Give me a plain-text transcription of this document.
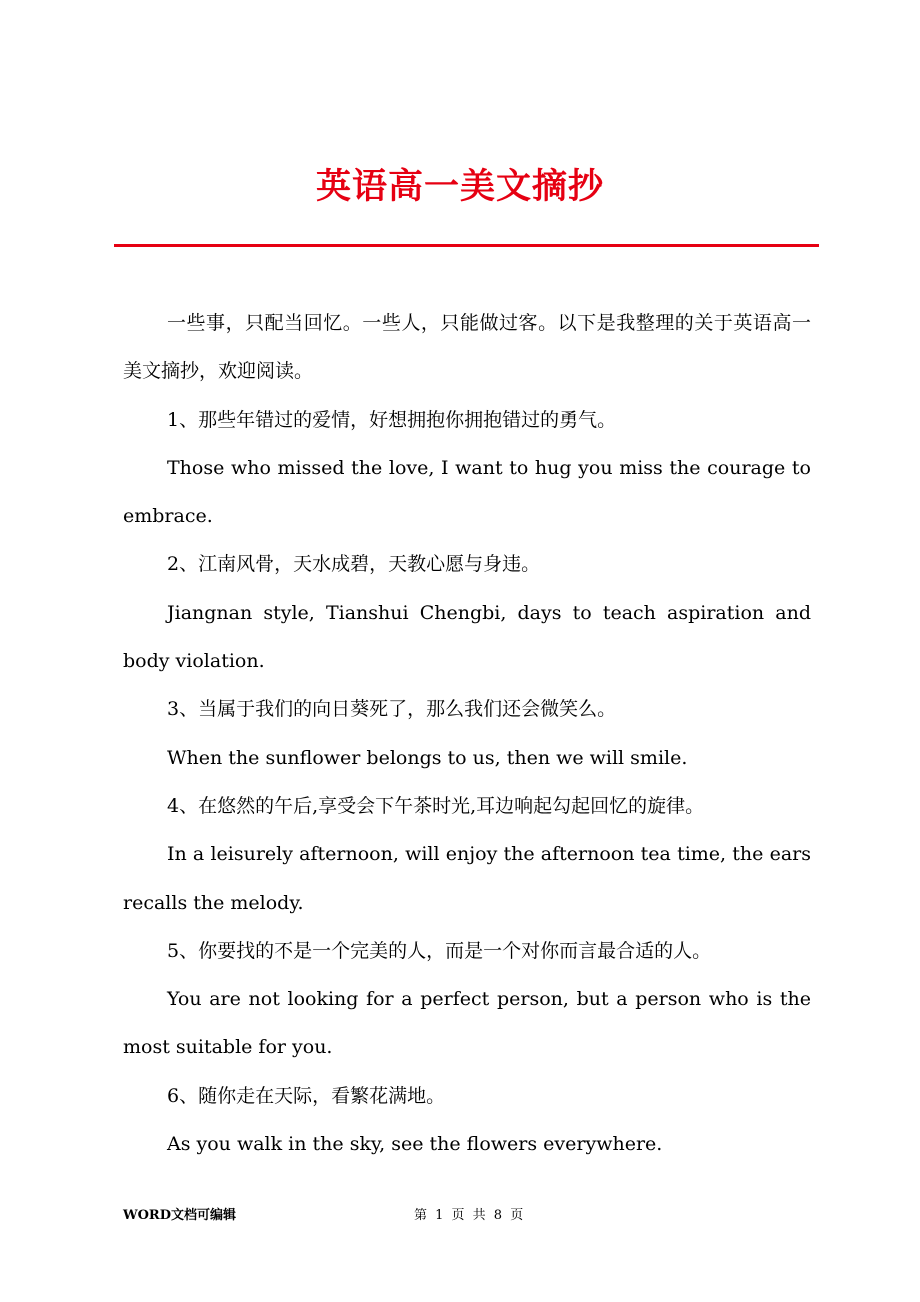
英语高一美文摘抄

一些事，只配当回忆。一些人，只能做过客。以下是我整理的关于英语高一美文摘抄，欢迎阅读。

1、那些年错过的爱情，好想拥抱你拥抱错过的勇气。

Those who missed the love, I want to hug you miss the courage to embrace.

2、江南风骨，天水成碧，天教心愿与身违。

Jiangnan style, Tianshui Chengbi, days to teach aspiration and body violation.

3、当属于我们的向日葵死了，那么我们还会微笑么。

When the sunflower belongs to us, then we will smile.

4、在悠然的午后,享受会下午茶时光,耳边响起勾起回忆的旋律。

In a leisurely afternoon, will enjoy the afternoon tea time, the ears recalls the melody.

5、你要找的不是一个完美的人，而是一个对你而言最合适的人。

You are not looking for a perfect person, but a person who is the most suitable for you.

6、随你走在天际，看繁花满地。

As you walk in the sky, see the flowers everywhere.

WORD文档可编辑	第 1 页 共 8 页
